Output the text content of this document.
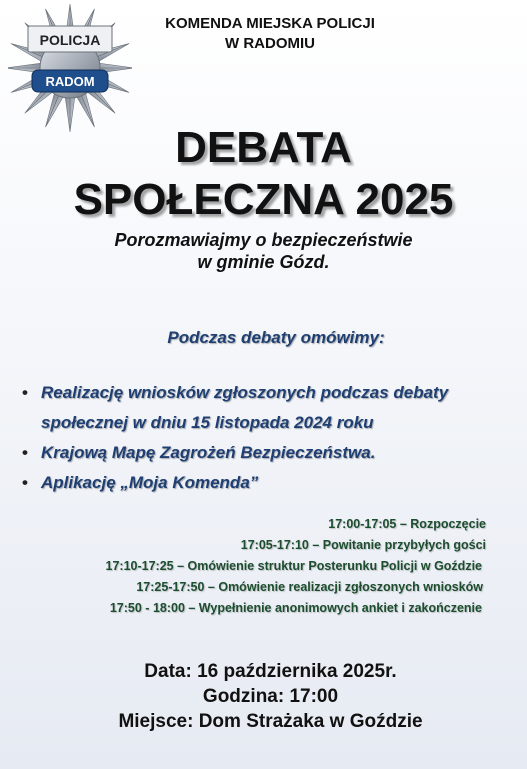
POLICJA
RADOM
KOMENDA MIEJSKA POLICJI
W RADOMIU
DEBATA
SPOŁECZNA 2025
Porozmawiajmy o bezpieczeństwie
w gminie Gózd.
Podczas debaty omówimy:
• Realizację wniosków zgłoszonych podczas debaty społecznej w dniu 15 listopada 2024 roku
• Krajową Mapę Zagrożeń Bezpieczeństwa.
• Aplikację „Moja Komenda”
17:00-17:05 – Rozpoczęcie
17:05-17:10 – Powitanie przybyłych gości
17:10-17:25 – Omówienie struktur Posterunku Policji w Goździe
17:25-17:50 – Omówienie realizacji zgłoszonych wniosków
17:50 - 18:00 – Wypełnienie anonimowych ankiet i zakończenie
Data: 16 października 2025r.
Godzina: 17:00
Miejsce: Dom Strażaka w Goździe
